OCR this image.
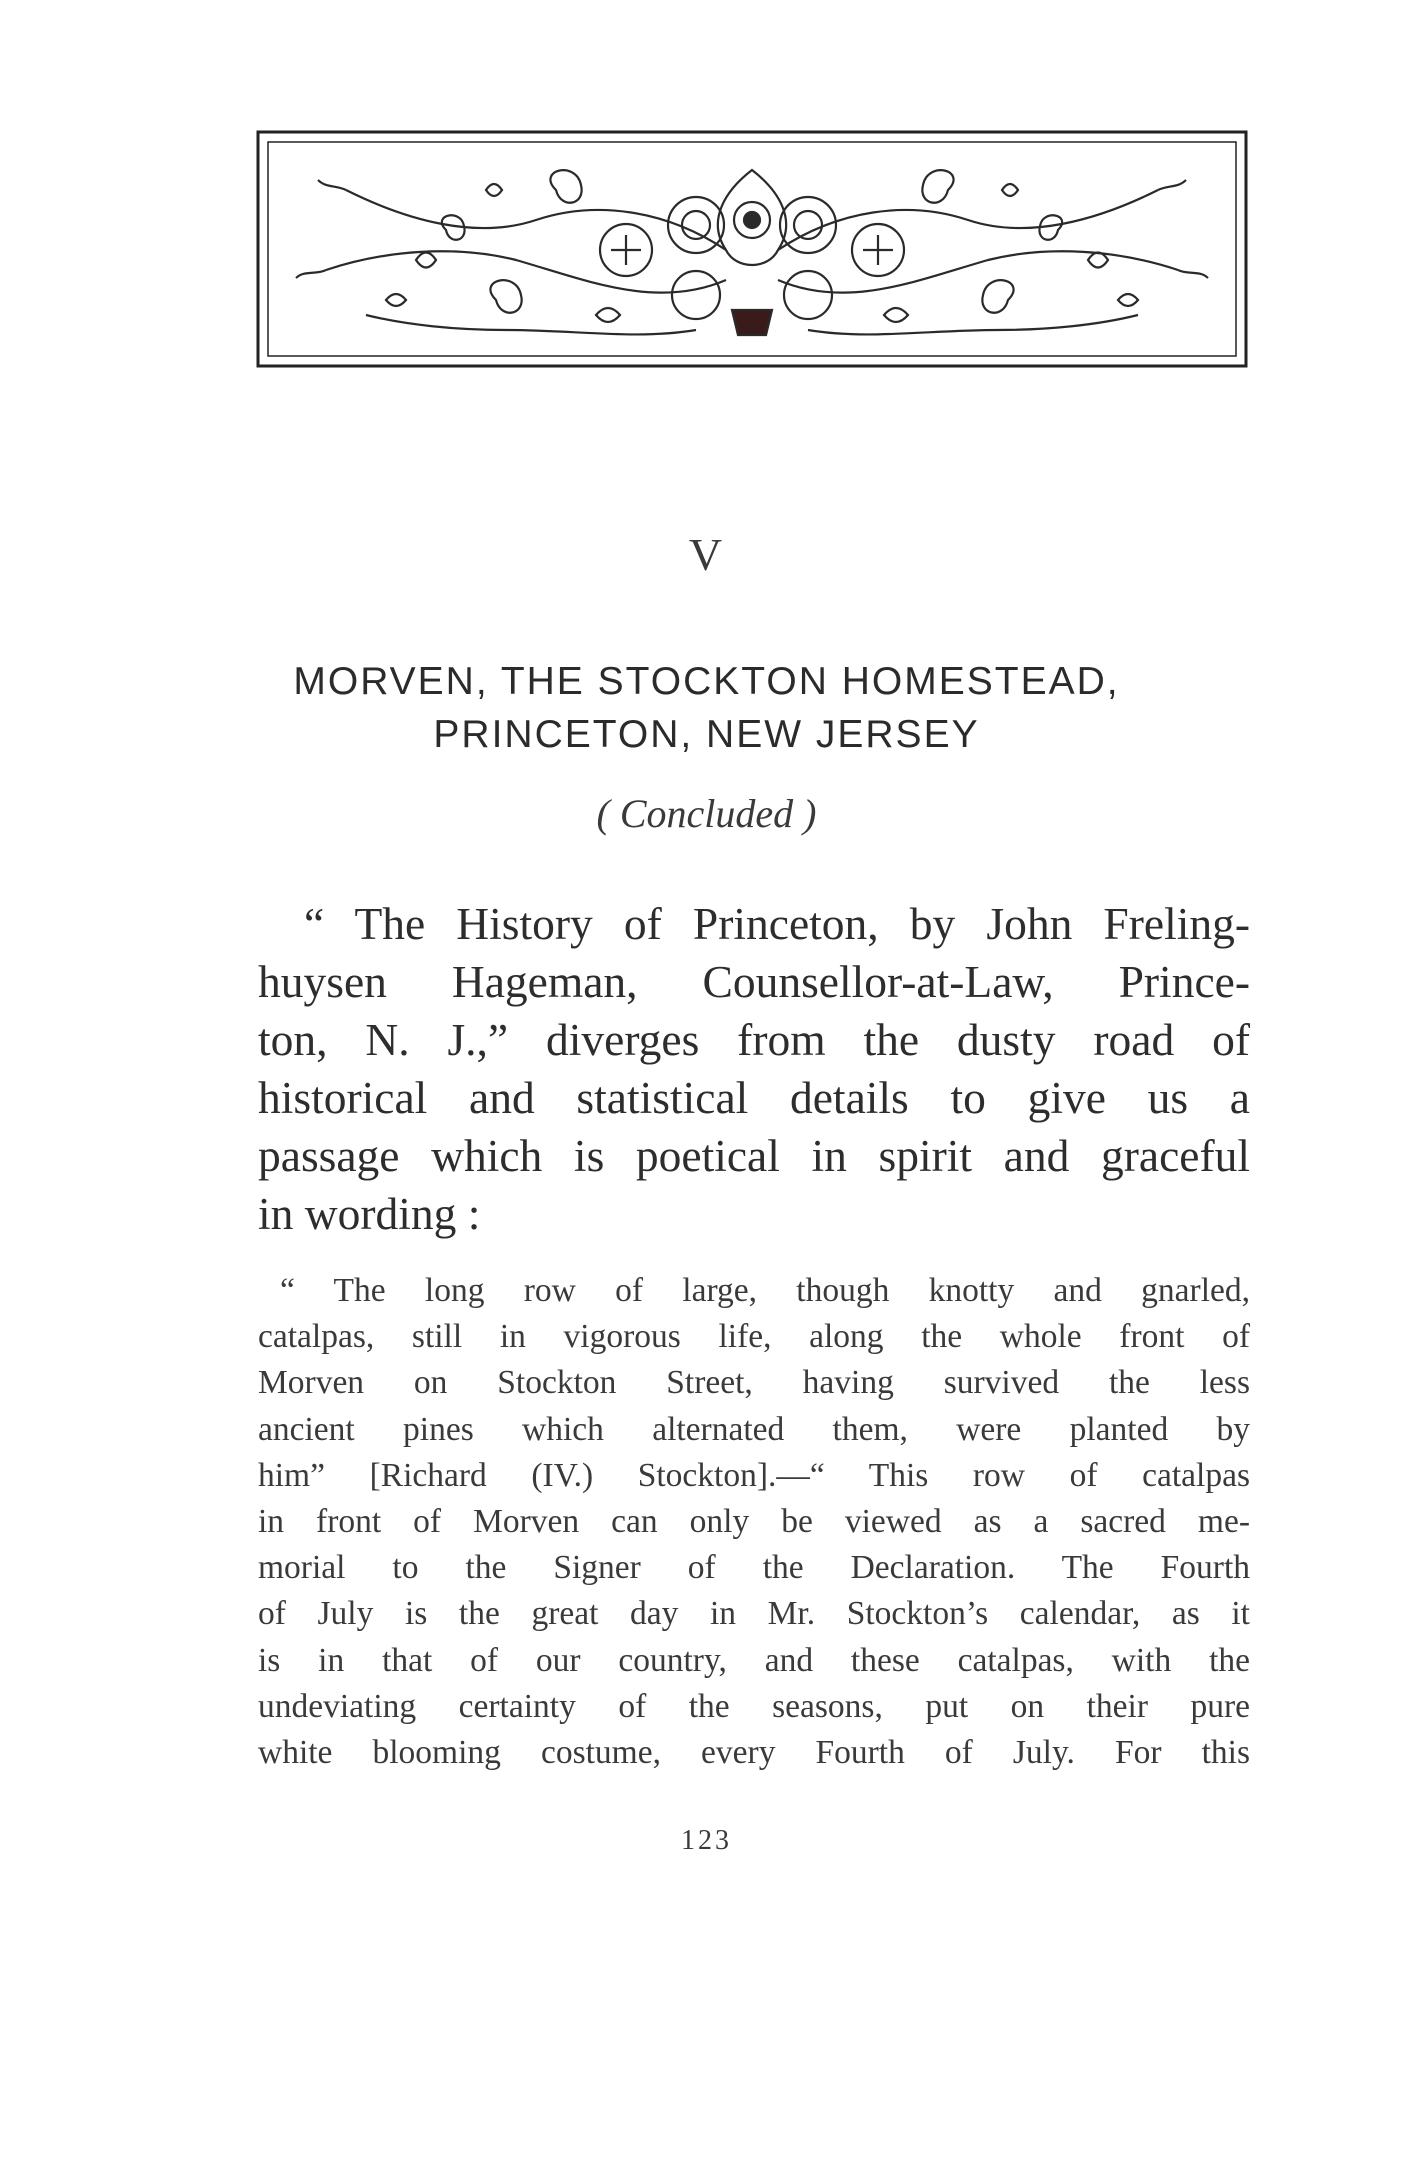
V
MORVEN, THE STOCKTON HOMESTEAD,
PRINCETON, NEW JERSEY
( Concluded )
“ The History of Princeton, by John Freling-
huysen Hageman, Counsellor-at-Law, Prince-
ton, N. J.,” diverges from the dusty road of
historical and statistical details to give us a
passage which is poetical in spirit and graceful
in wording :
“ The long row of large, though knotty and gnarled,
catalpas, still in vigorous life, along the whole front of
Morven on Stockton Street, having survived the less
ancient pines which alternated them, were planted by
him” [Richard (IV.) Stockton].—“ This row of catalpas
in front of Morven can only be viewed as a sacred me-
morial to the Signer of the Declaration. The Fourth
of July is the great day in Mr. Stockton’s calendar, as it
is in that of our country, and these catalpas, with the
undeviating certainty of the seasons, put on their pure
white blooming costume, every Fourth of July. For this
123
